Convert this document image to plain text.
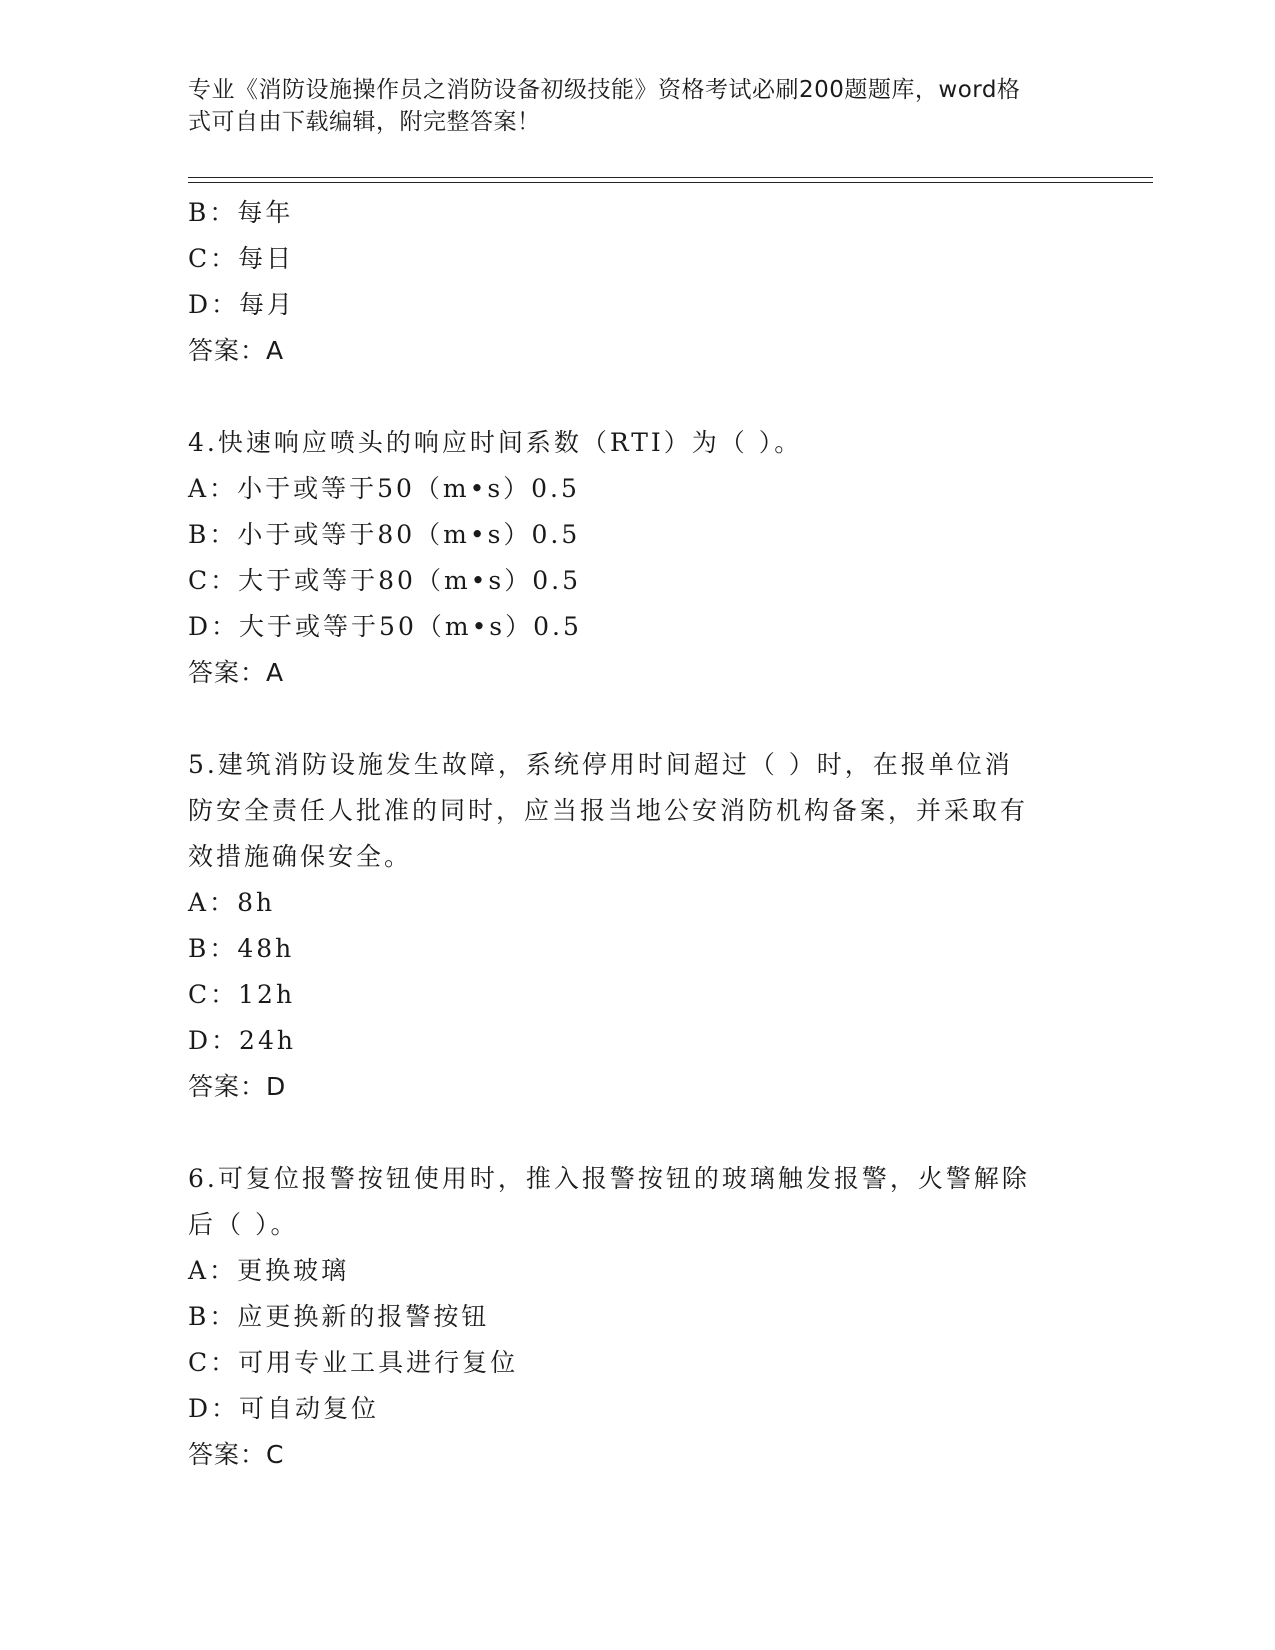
专业《消防设施操作员之消防设备初级技能》资格考试必刷200题题库，word格
式可自由下载编辑，附完整答案！

B：每年

C：每日

D：每月

答案：A

4.快速响应喷头的响应时间系数（RTI）为（ ）。

A：小于或等于50（m•s）0.5

B：小于或等于80（m•s）0.5

C：大于或等于80（m•s）0.5

D：大于或等于50（m•s）0.5

答案：A

5.建筑消防设施发生故障，系统停用时间超过（ ）时，在报单位消

防安全责任人批准的同时，应当报当地公安消防机构备案，并采取有

效措施确保安全。

A：8h

B：48h

C：12h

D：24h

答案：D

6.可复位报警按钮使用时，推入报警按钮的玻璃触发报警，火警解除

后（ ）。

A：更换玻璃

B：应更换新的报警按钮

C：可用专业工具进行复位

D：可自动复位

答案：C
